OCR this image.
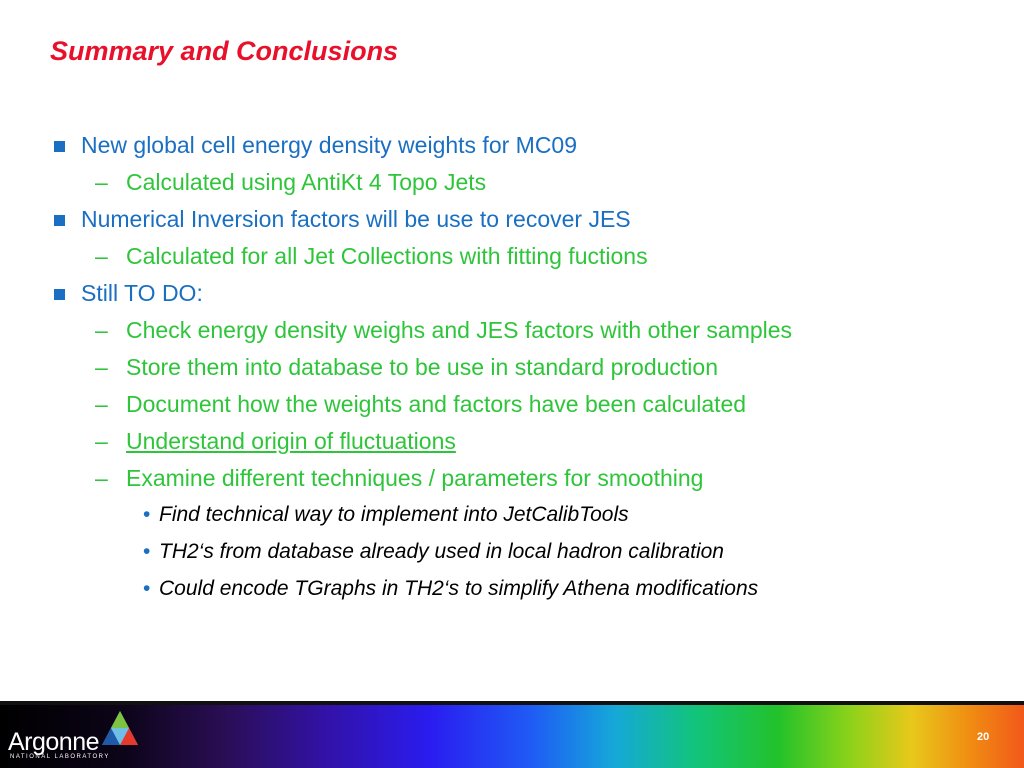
Summary and Conclusions
New global cell energy density weights for MC09
– Calculated using AntiKt 4 Topo Jets
Numerical Inversion factors will be use to recover JES
– Calculated for all Jet Collections with fitting fuctions
Still TO DO:
– Check energy density weighs and JES factors with other samples
– Store them into database to be use in standard production
– Document how the weights and factors have been calculated
– Understand origin of fluctuations
– Examine different techniques / parameters for smoothing
• Find technical way to implement into JetCalibTools
• TH2‘s from database already used in local hadron calibration
• Could encode TGraphs in TH2‘s to simplify Athena modifications
Argonne
NATIONAL LABORATORY
20
